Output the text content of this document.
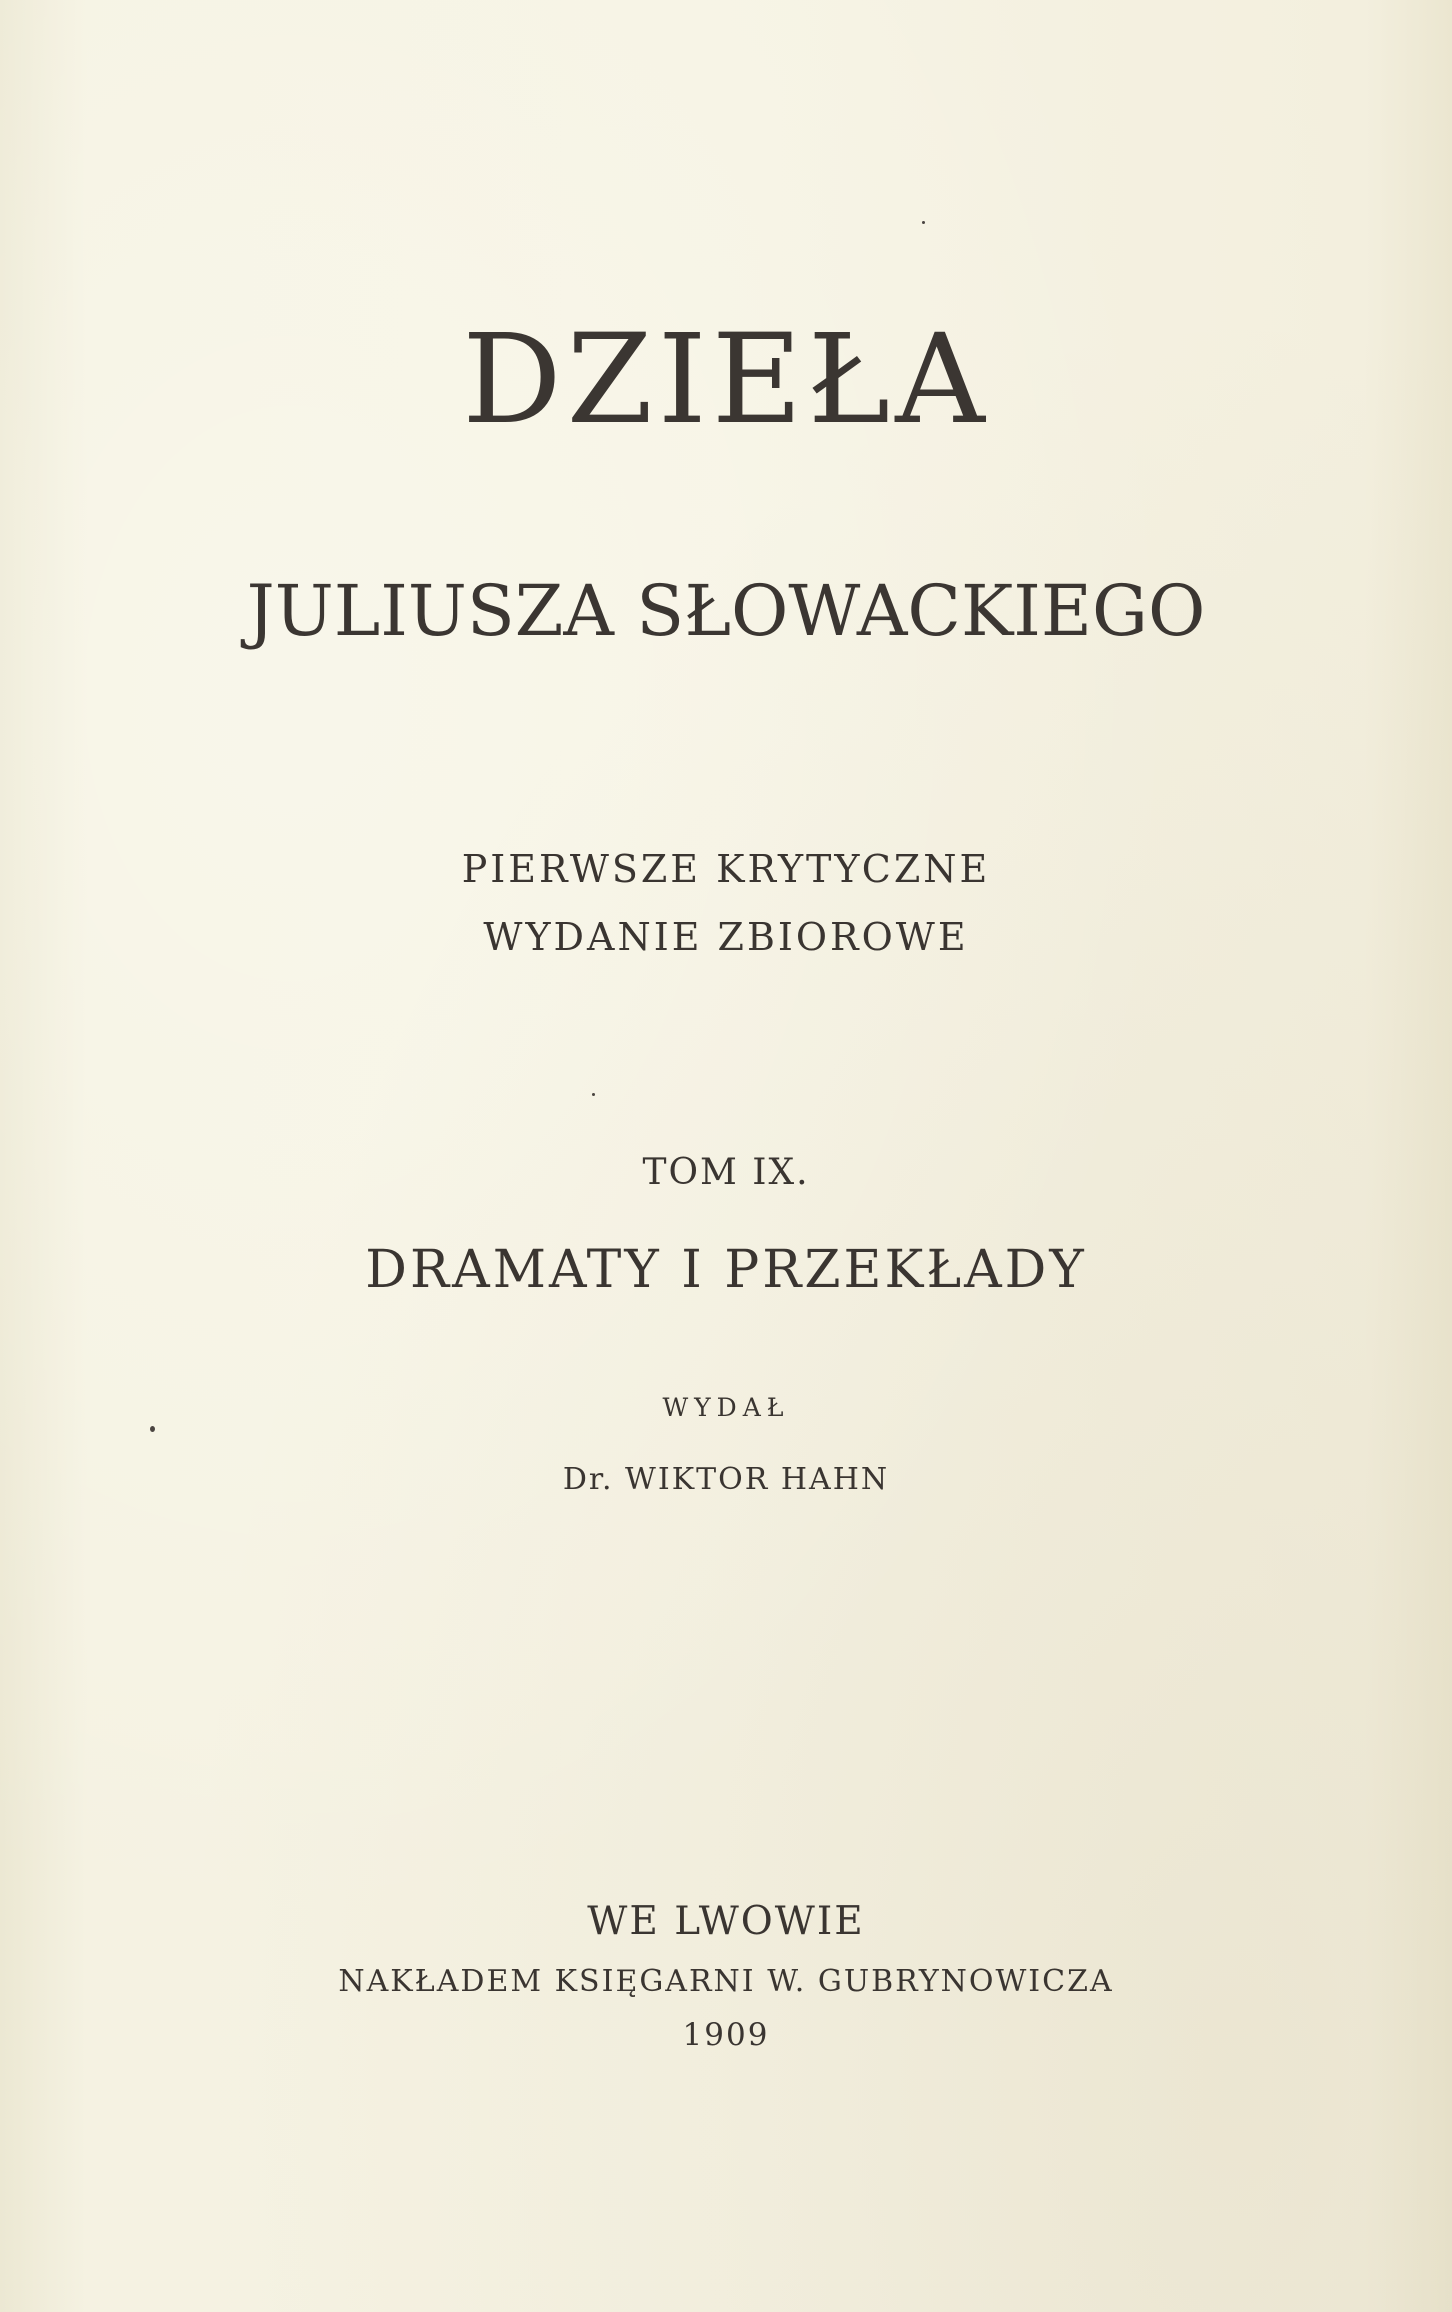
DZIEŁA
JULIUSZA SŁOWACKIEGO
PIERWSZE KRYTYCZNE
WYDANIE ZBIOROWE
TOM IX.
DRAMATY I PRZEKŁADY
WYDAŁ
Dr. WIKTOR HAHN
WE LWOWIE
NAKŁADEM KSIĘGARNI W. GUBRYNOWICZA
1909
